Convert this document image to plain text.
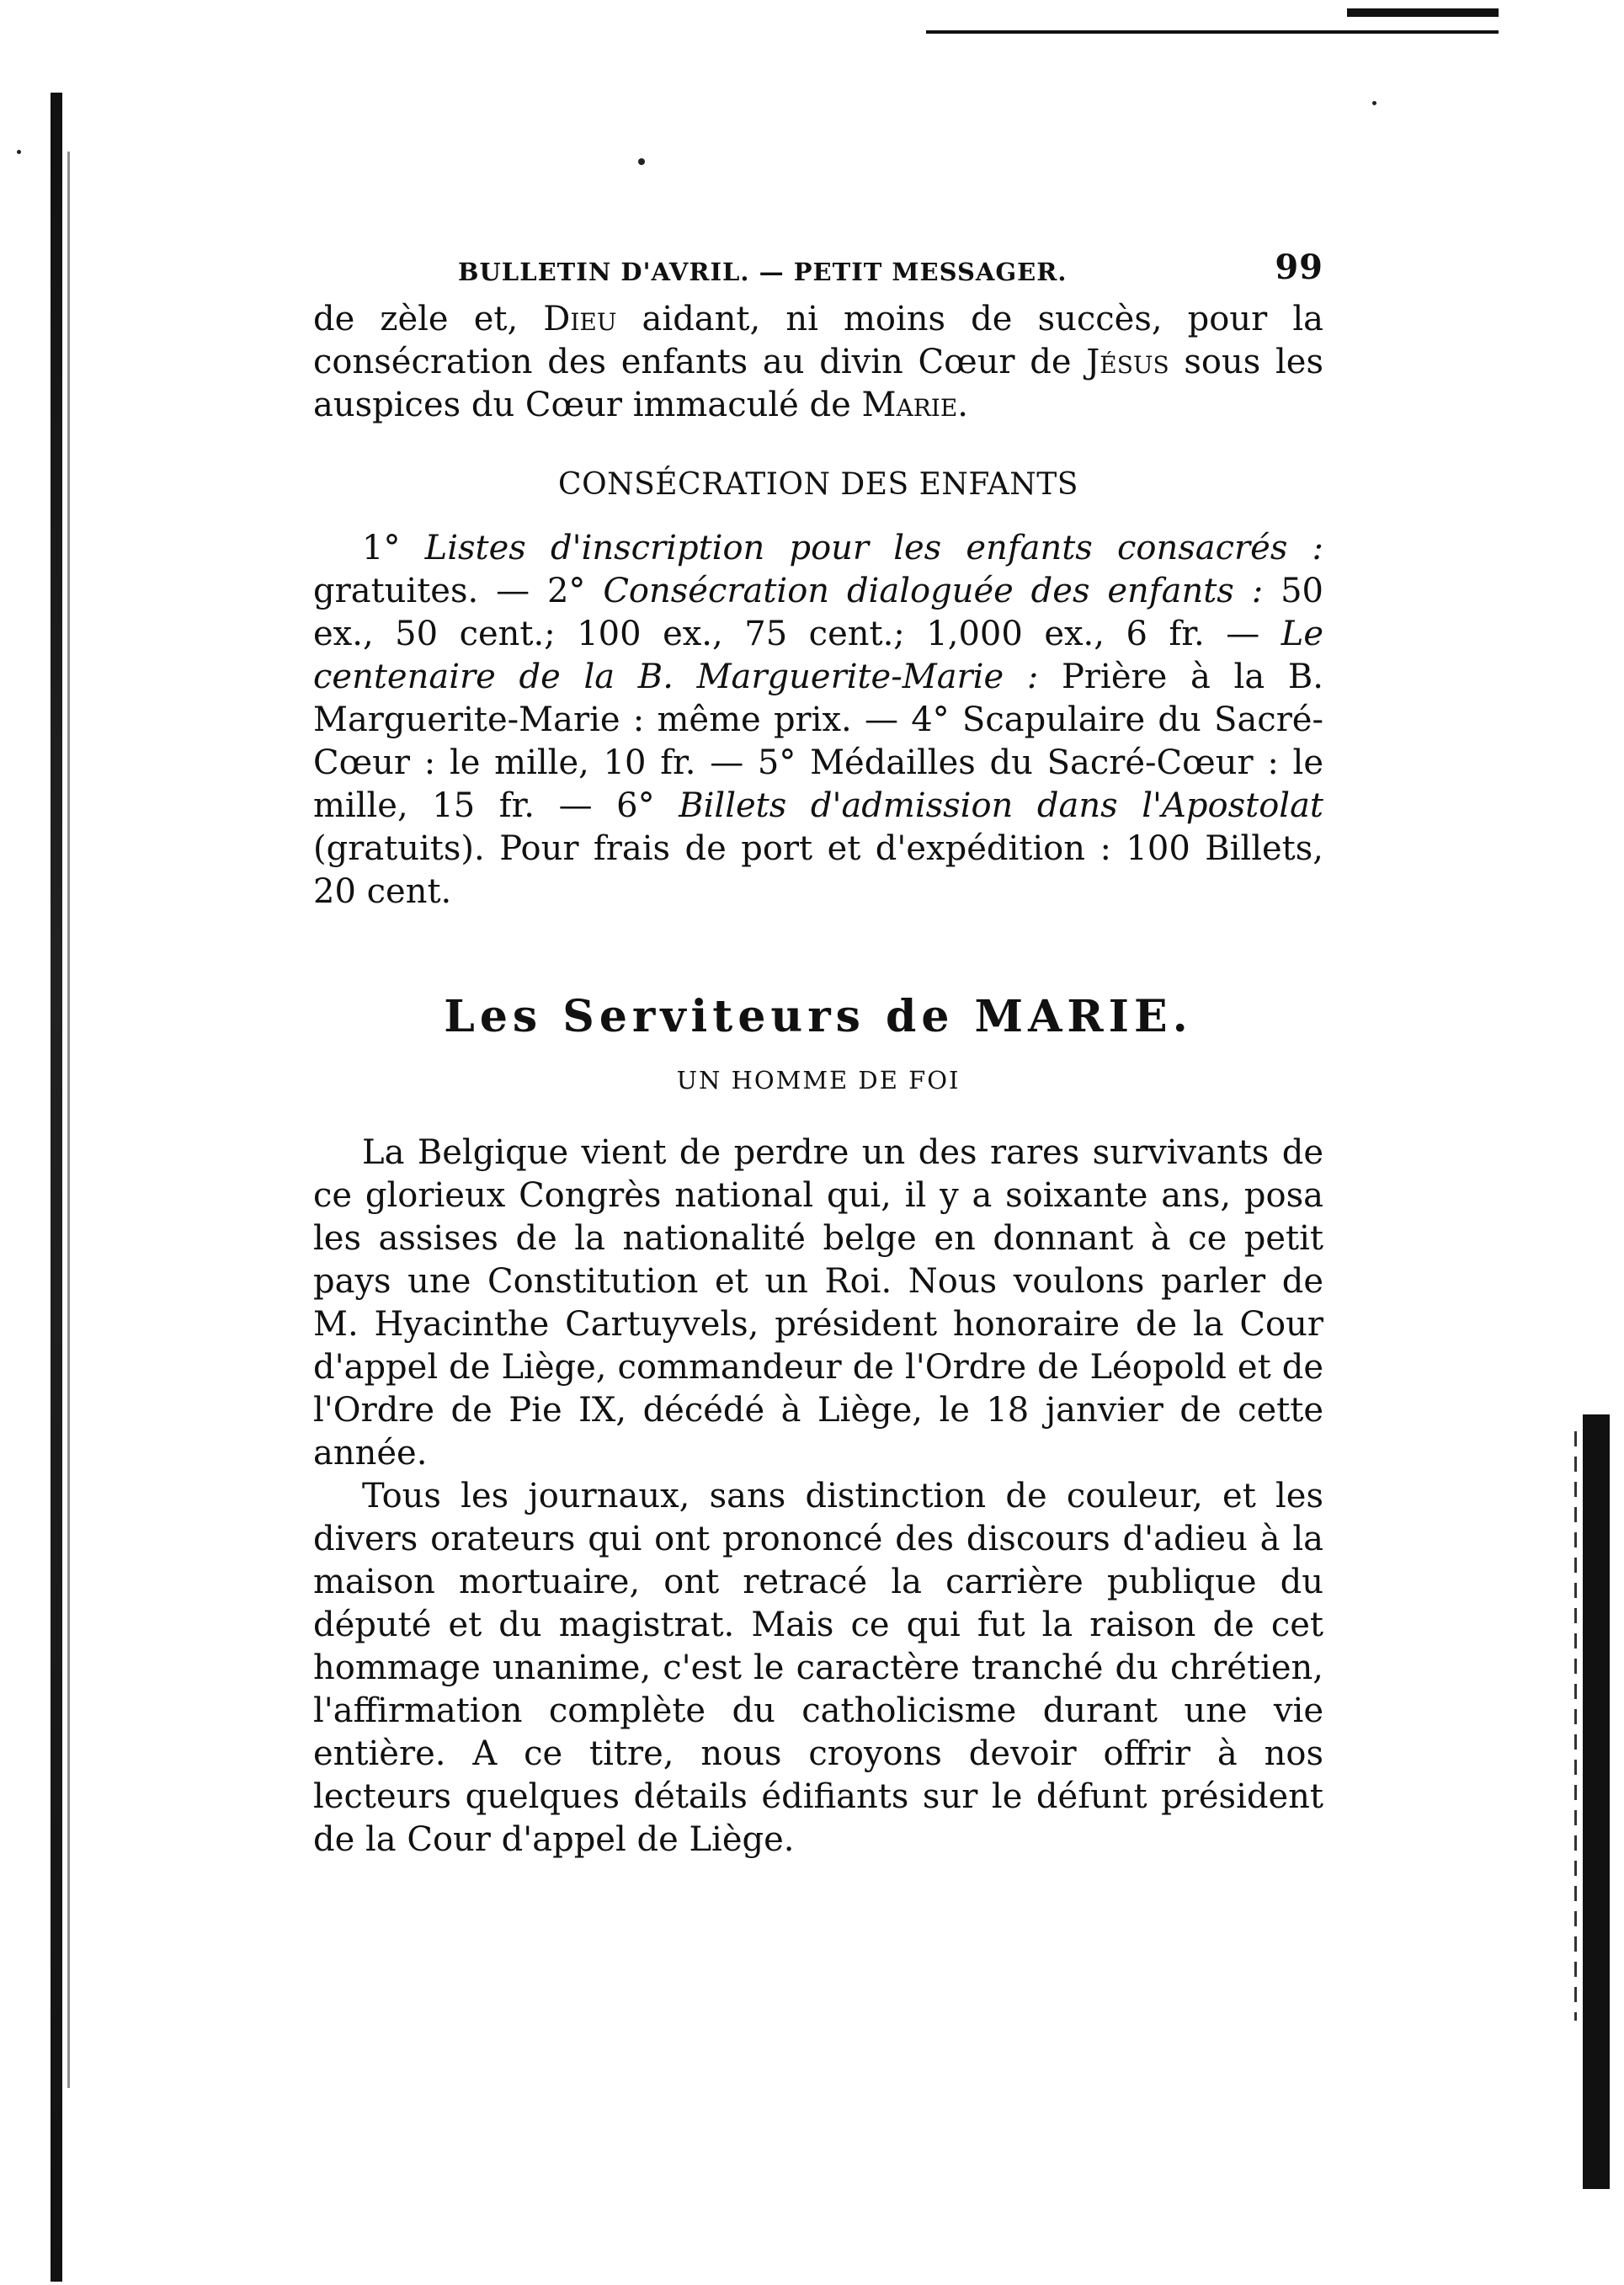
BULLETIN D'AVRIL. — PETIT MESSAGER.	99

de zèle et, Dieu aidant, ni moins de succès, pour la consécration des enfants au divin Cœur de Jésus sous les auspices du Cœur immaculé de Marie.

CONSÉCRATION DES ENFANTS

1° Listes d'inscription pour les enfants consacrés : gratuites. — 2° Consécration dialoguée des enfants : 50 ex., 50 cent.; 100 ex., 75 cent.; 1,000 ex., 6 fr. — Le centenaire de la B. Marguerite-Marie : Prière à la B. Marguerite-Marie : même prix. — 4° Scapulaire du Sacré-Cœur : le mille, 10 fr. — 5° Médailles du Sacré-Cœur : le mille, 15 fr. — 6° Billets d'admission dans l'Apostolat (gratuits). Pour frais de port et d'expédition : 100 Billets, 20 cent.

Les Serviteurs de MARIE.
UN HOMME DE FOI

La Belgique vient de perdre un des rares survivants de ce glorieux Congrès national qui, il y a soixante ans, posa les assises de la nationalité belge en donnant à ce petit pays une Constitution et un Roi. Nous voulons parler de M. Hyacinthe Cartuyvels, président honoraire de la Cour d'appel de Liège, commandeur de l'Ordre de Léopold et de l'Ordre de Pie IX, décédé à Liège, le 18 janvier de cette année.

Tous les journaux, sans distinction de couleur, et les divers orateurs qui ont prononcé des discours d'adieu à la maison mortuaire, ont retracé la carrière publique du député et du magistrat. Mais ce qui fut la raison de cet hommage unanime, c'est le caractère tranché du chrétien, l'affirmation complète du catholicisme durant une vie entière. A ce titre, nous croyons devoir offrir à nos lecteurs quelques détails édifiants sur le défunt président de la Cour d'appel de Liège.
